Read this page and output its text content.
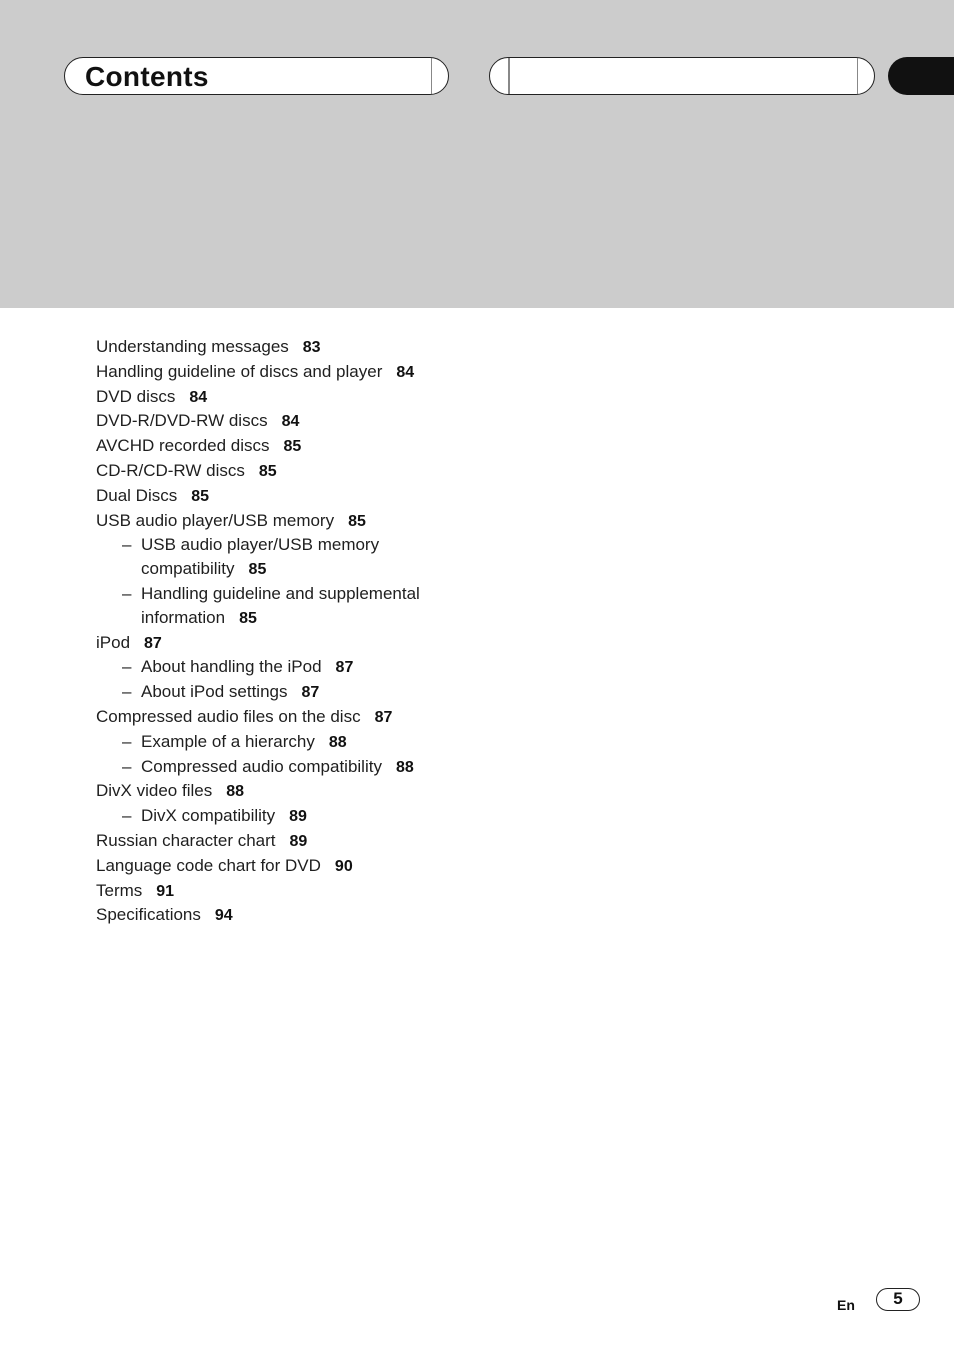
Contents
Understanding messages 83
Handling guideline of discs and player 84
DVD discs 84
DVD-R/DVD-RW discs 84
AVCHD recorded discs 85
CD-R/CD-RW discs 85
Dual Discs 85
USB audio player/USB memory 85
– USB audio player/USB memory
compatibility 85
– Handling guideline and supplemental
information 85
iPod 87
– About handling the iPod 87
– About iPod settings 87
Compressed audio files on the disc 87
– Example of a hierarchy 88
– Compressed audio compatibility 88
DivX video files 88
– DivX compatibility 89
Russian character chart 89
Language code chart for DVD 90
Terms 91
Specifications 94
En	5
